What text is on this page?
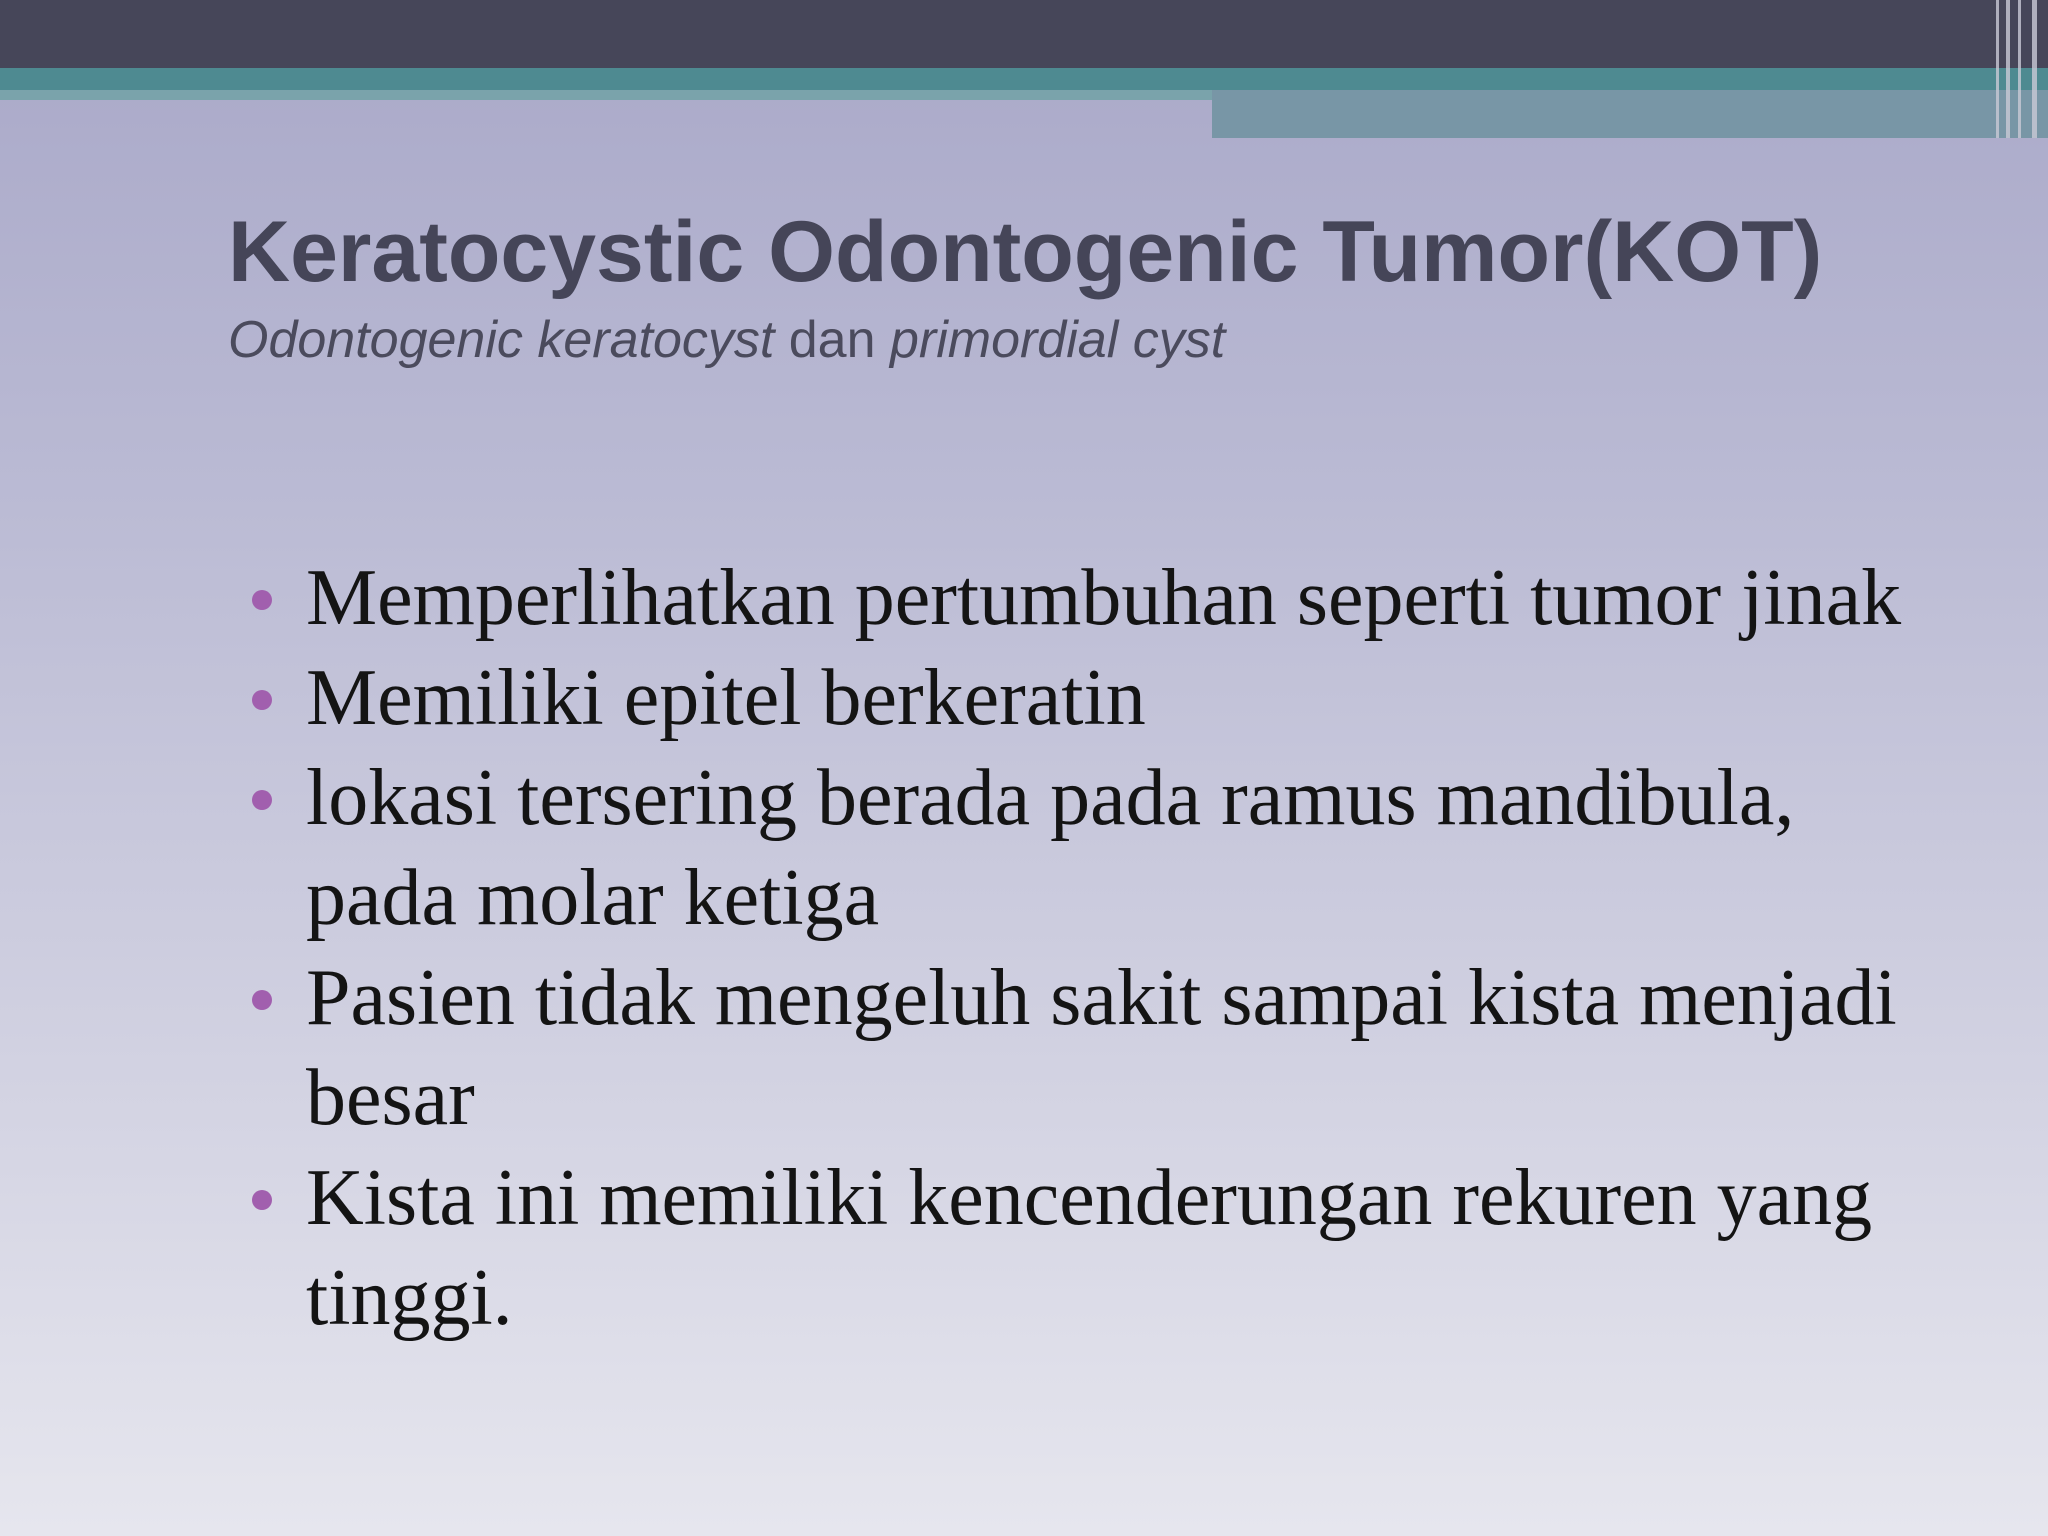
Keratocystic Odontogenic Tumor(KOT)

Odontogenic keratocyst dan primordial cyst

Memperlihatkan pertumbuhan seperti tumor jinak
Memiliki epitel berkeratin
lokasi tersering berada pada ramus mandibula, pada molar ketiga
Pasien tidak mengeluh sakit sampai kista menjadi besar
Kista ini memiliki kencenderungan rekuren yang tinggi.
